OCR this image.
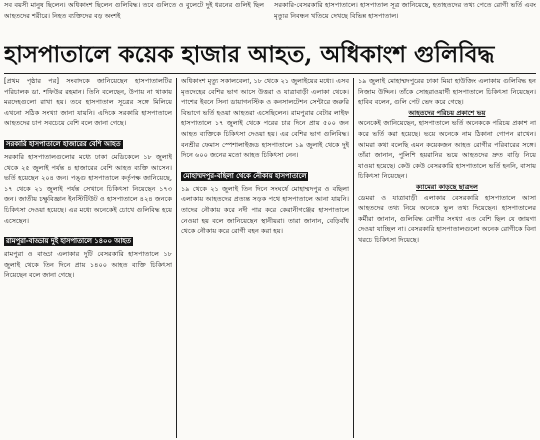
সব বয়সী মানুষ ছিলেন। অধিকাংশ ছিলেন গুলিবিদ্ধ। তবে গুলিতে ও বুলেটে দুই ধরনের গুলিই ছিল আহতদের শরীরে। নিহত ব্যক্তিদের বড় অংশই

সরকারি-বেসরকারি হাসপাতালে। হাসপাতাল সূত্র জানিয়েছে, হতাহতদের তথ্য পেতে রোগী ভর্তি এবং মৃত্যুর নিবন্ধন খতিয়ে দেখছে বিভিন্ন হাসপাতাল।

হাসপাতালে কয়েক হাজার আহত, অধিকাংশ গুলিবিদ্ধ

[প্রথম পৃষ্ঠার পর] সংবাদকে জানিয়েছেন হাসপাতালটির পরিচালক ডা. শফিউর রহমান। তিনি বলেছেন, উপায় না থাকায় মরদেহগুলো রাখা হয়। তবে হাসপাতাল সূত্রের সঙ্গে মিলিয়ে এখনো সঠিক সংখ্যা জানা যায়নি। এদিকে সরকারি হাসপাতালে আহতদের চাপ সবচেয়ে বেশি বলে জানা গেছে।

সরকারি হাসপাতালে হাজারের বেশি আহত

সরকারি হাসপাতালগুলোর মধ্যে ঢাকা মেডিকেলে ১৮ জুলাই থেকে ২৫ জুলাই পর্যন্ত ৪ হাজারের বেশি আহত ব্যক্তি আসেন। ভর্তি হয়েছেন ২০৪ জন। পঙ্গু হাসপাতালে কর্তৃপক্ষ জানিয়েছে, ১৭ থেকে ২১ জুলাই পর্যন্ত সেখানে চিকিৎসা নিয়েছেন ১৭৩ জন। জাতীয় চক্ষুবিজ্ঞান ইনস্টিটিউট ও হাসপাতালে ৪২৪ জনকে চিকিৎসা দেওয়া হয়েছে। এর মধ্যে অনেকেই চোখে গুলিবিদ্ধ হয়ে এসেছেন।

রামপুরা-বাড্ডায় দুই হাসপাতালে ১৪০০ আহত

রামপুরা ও বাড্ডা এলাকার দুটি বেসরকারি হাসপাতালে ১৮ জুলাই থেকে তিন দিনে প্রায় ১৪০০ আহত ব্যক্তি চিকিৎসা নিয়েছেন বলে জানা গেছে।

অধিকাংশ মৃত্যু সকালবেলা, ১৮ থেকে ২১ জুলাইয়ের মধ্যে। এসব মৃতদেহের বেশির ভাগ আসে উত্তরা ও যাত্রাবাড়ী এলাকা থেকে। পাশের ইবনে সিনা ডায়াগনস্টিক ও কনসালটেশন সেন্টারে জরুরি বিভাগে ভর্তি হওয়া আহতরা এসেছিলেন। রামপুরার বেটার লাইফ হাসপাতালে ১৭ জুলাই থেকে পরের চার দিনে প্রায় ৫০০ জন আহত ব্যক্তিকে চিকিৎসা দেওয়া হয়। এর বেশির ভাগ গুলিবিদ্ধ। বনশ্রীর ফেমাস স্পেশালাইজড হাসপাতালে ১৯ জুলাই থেকে দুই দিনে ৬০০ জনের মতো আহত চিকিৎসা নেন।

মোহাম্মদপুর-বছিলা থেকে নৌকায় হাসপাতালে

১৯ থেকে ২১ জুলাই তিন দিনে সংঘর্ষে মোহাম্মদপুর ও বছিলা এলাকায় আহতদের প্রত্যন্ত সড়ক পথে হাসপাতালে আনা যায়নি। তাদের নৌকায় করে নদী পার করে কেরানীগঞ্জের হাসপাতালে নেওয়া হয় বলে জানিয়েছেন স্থানীয়রা। তারা জানান, বেড়িবাঁধ থেকে নৌকায় করে রোগী বহন করা হয়।

১৯ জুলাই মোহাম্মদপুরের ঢাকা মিয়া হাউজিং এলাকায় গুলিবিদ্ধ হন নিজাম উদ্দিন। তাঁকে সোহরাওয়ার্দী হাসপাতালে চিকিৎসা নিয়েছেন। হাবিব বলেন, গুলি পেট ভেদ করে গেছে।

আহতদের পরিচয় প্রকাশে ভয়

অনেকেই জানিয়েছেন, হাসপাতালে ভর্তি অনেককে পরিচয় প্রকাশ না করে ভর্তি করা হয়েছে। ভয়ে অনেকে নাম ঠিকানা গোপন রাখেন। আমরা কথা বলেছি এমন কয়েকজন আহত রোগীর পরিবারের সঙ্গে। তাঁরা জানান, পুলিশি হয়রানির ভয়ে আহতদের দ্রুত বাড়ি নিয়ে যাওয়া হয়েছে। কেউ কেউ বেসরকারি হাসপাতালে ভর্তি হননি, বাসায় চিকিৎসা নিয়েছেন।

ক্যামেরা কাড়ছে ছাত্রদল

ডেমরা ও যাত্রাবাড়ী এলাকার বেসরকারি হাসপাতালে আসা আহতদের তথ্য নিয়ে অনেকে ভুল তথ্য দিয়েছেন। হাসপাতালের কর্মীরা জানান, গুলিবিদ্ধ রোগীর সংখ্যা এত বেশি ছিল যে জায়গা দেওয়া যাচ্ছিল না। বেসরকারি হাসপাতালগুলো অনেক রোগীকে বিনা খরচে চিকিৎসা দিয়েছে।
